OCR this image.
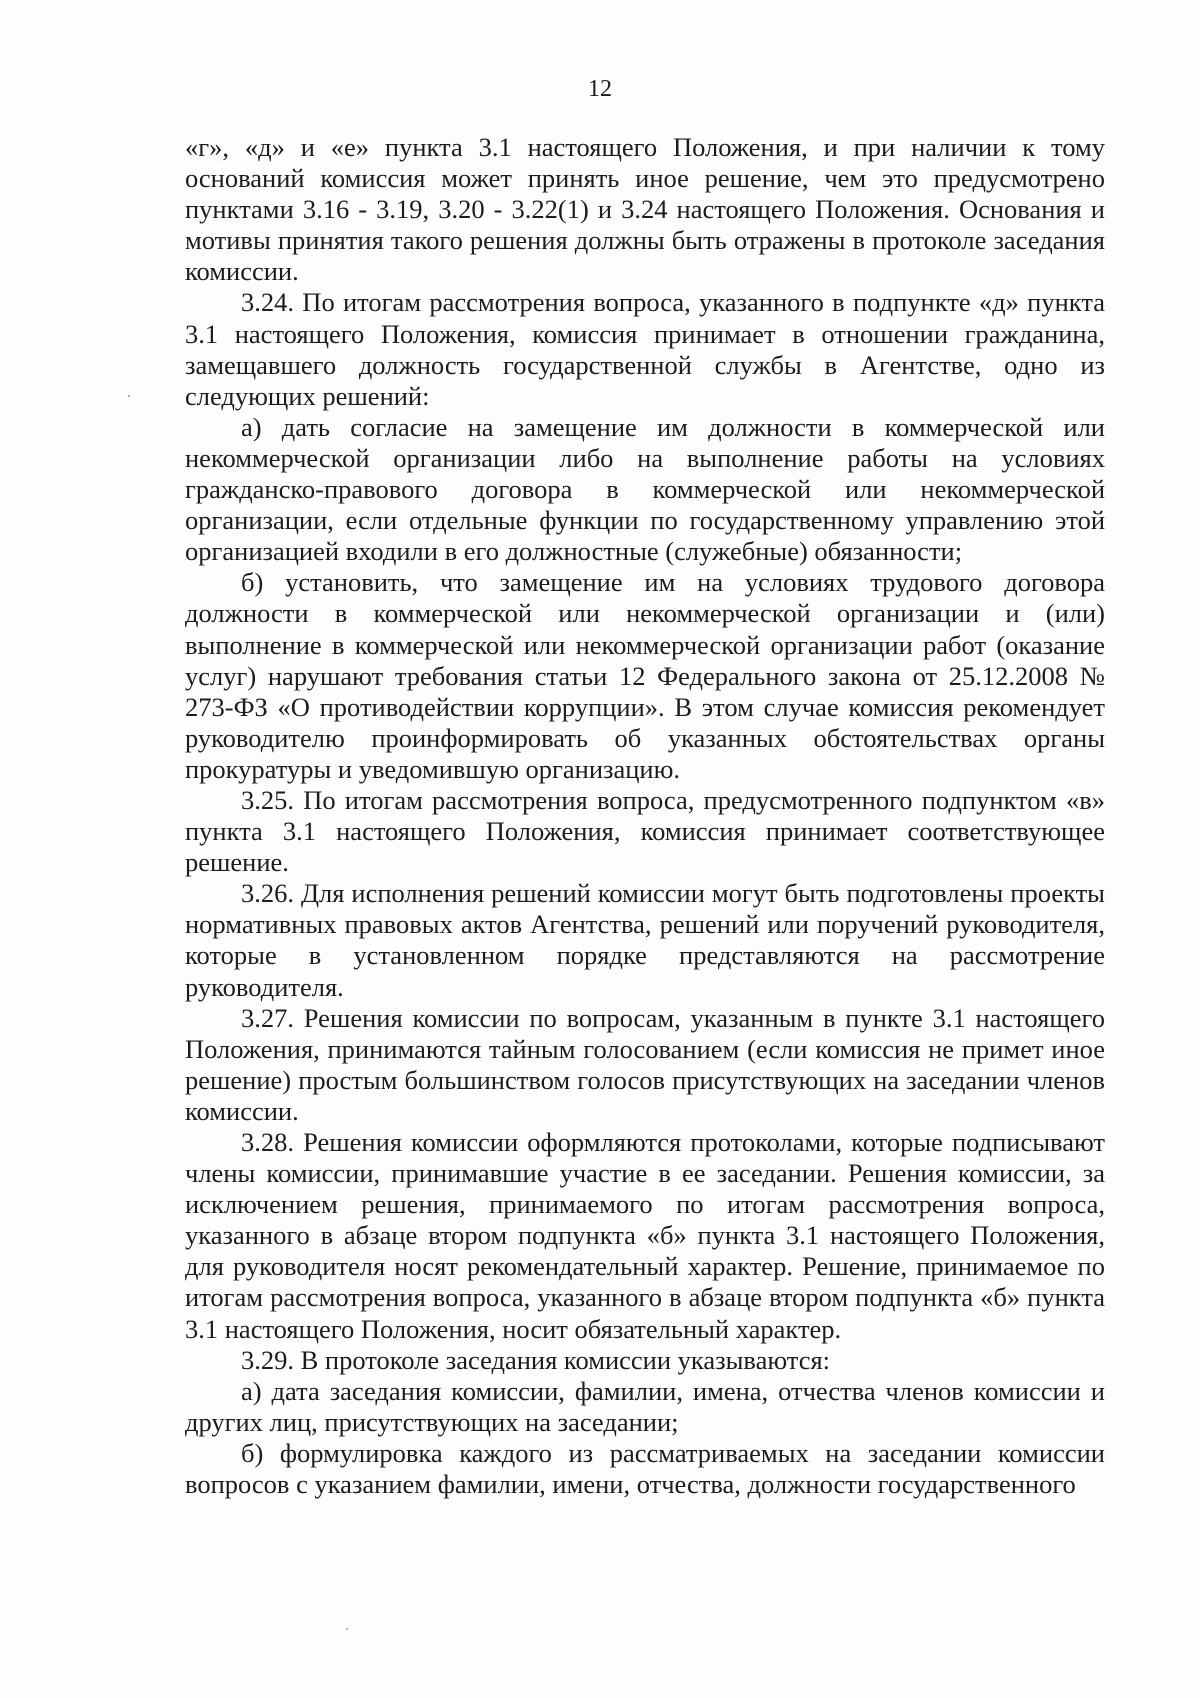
12

«г», «д» и «е» пункта 3.1 настоящего Положения, и при наличии к тому оснований комиссия может принять иное решение, чем это предусмотрено пунктами 3.16 - 3.19, 3.20 - 3.22(1) и 3.24 настоящего Положения. Основания и мотивы принятия такого решения должны быть отражены в протоколе заседания комиссии.

3.24. По итогам рассмотрения вопроса, указанного в подпункте «д» пункта 3.1 настоящего Положения, комиссия принимает в отношении гражданина, замещавшего должность государственной службы в Агентстве, одно из следующих решений:

а) дать согласие на замещение им должности в коммерческой или некоммерческой организации либо на выполнение работы на условиях гражданско-правового договора в коммерческой или некоммерческой организации, если отдельные функции по государственному управлению этой организацией входили в его должностные (служебные) обязанности;

б) установить, что замещение им на условиях трудового договора должности в коммерческой или некоммерческой организации и (или) выполнение в коммерческой или некоммерческой организации работ (оказание услуг) нарушают требования статьи 12 Федерального закона от 25.12.2008 № 273-ФЗ «О противодействии коррупции». В этом случае комиссия рекомендует руководителю проинформировать об указанных обстоятельствах органы прокуратуры и уведомившую организацию.

3.25. По итогам рассмотрения вопроса, предусмотренного подпунктом «в» пункта 3.1 настоящего Положения, комиссия принимает соответствующее решение.

3.26. Для исполнения решений комиссии могут быть подготовлены проекты нормативных правовых актов Агентства, решений или поручений руководителя, которые в установленном порядке представляются на рассмотрение руководителя.

3.27. Решения комиссии по вопросам, указанным в пункте 3.1 настоящего Положения, принимаются тайным голосованием (если комиссия не примет иное решение) простым большинством голосов присутствующих на заседании членов комиссии.

3.28. Решения комиссии оформляются протоколами, которые подписывают члены комиссии, принимавшие участие в ее заседании. Решения комиссии, за исключением решения, принимаемого по итогам рассмотрения вопроса, указанного в абзаце втором подпункта «б» пункта 3.1 настоящего Положения, для руководителя носят рекомендательный характер. Решение, принимаемое по итогам рассмотрения вопроса, указанного в абзаце втором подпункта «б» пункта 3.1 настоящего Положения, носит обязательный характер.

3.29. В протоколе заседания комиссии указываются:

а) дата заседания комиссии, фамилии, имена, отчества членов комиссии и других лиц, присутствующих на заседании;

б) формулировка каждого из рассматриваемых на заседании комиссии вопросов с указанием фамилии, имени, отчества, должности государственного
